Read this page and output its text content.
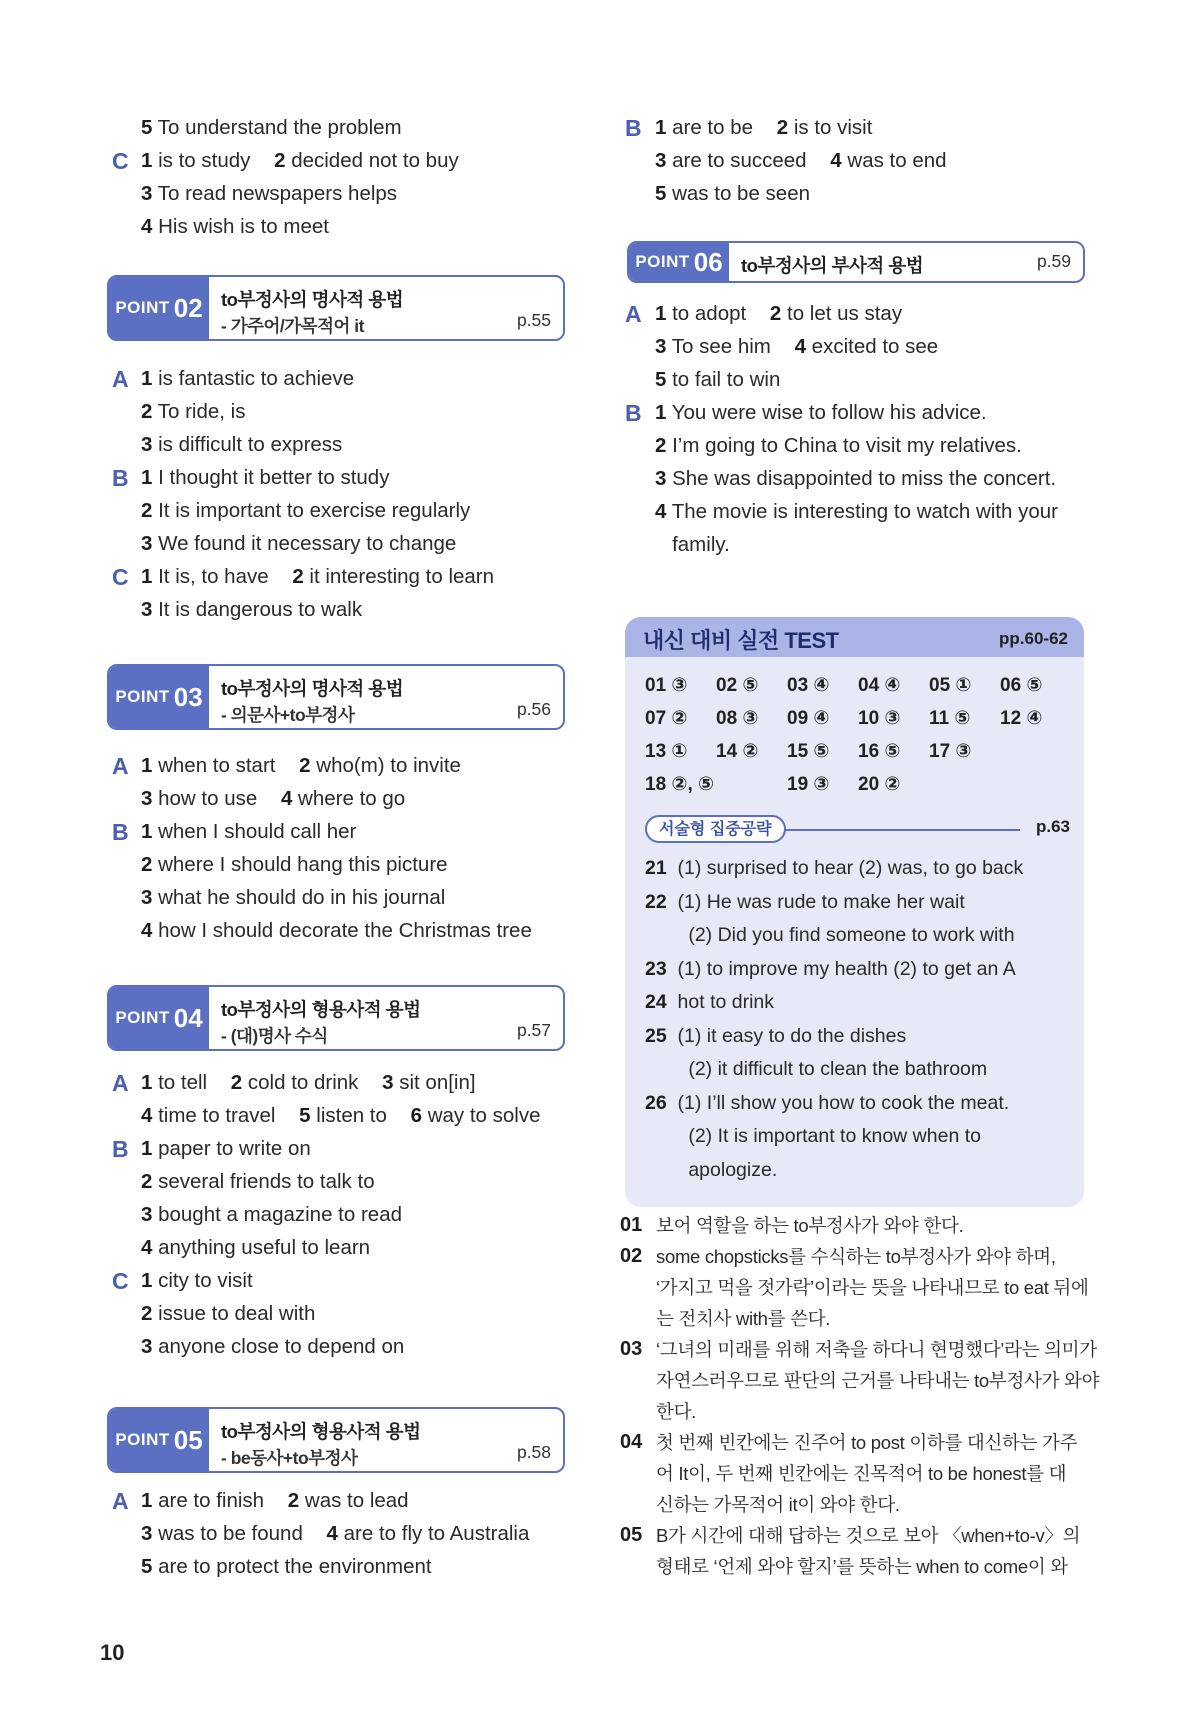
5 To understand the problem
C 1 is to study 2 decided not to buy
3 To read newspapers helps
4 His wish is to meet
POINT 02 to부정사의 명사적 용법
- 가주어/가목적어 it	p.55
A 1 is fantastic to achieve
2 To ride, is
3 is difficult to express
B 1 I thought it better to study
2 It is important to exercise regularly
3 We found it necessary to change
C 1 It is, to have 2 it interesting to learn
3 It is dangerous to walk
POINT 03 to부정사의 명사적 용법
- 의문사+to부정사	p.56
A 1 when to start 2 who(m) to invite
3 how to use 4 where to go
B 1 when I should call her
2 where I should hang this picture
3 what he should do in his journal
4 how I should decorate the Christmas tree
POINT 04 to부정사의 형용사적 용법
- (대)명사 수식	p.57
A 1 to tell 2 cold to drink 3 sit on[in]
4 time to travel 5 listen to 6 way to solve
B 1 paper to write on
2 several friends to talk to
3 bought a magazine to read
4 anything useful to learn
C 1 city to visit
2 issue to deal with
3 anyone close to depend on
POINT 05 to부정사의 형용사적 용법
- be동사+to부정사	p.58
A 1 are to finish 2 was to lead
3 was to be found 4 are to fly to Australia
5 are to protect the environment
B 1 are to be 2 is to visit
3 are to succeed 4 was to end
5 was to be seen
POINT 06 to부정사의 부사적 용법	p.59
A 1 to adopt 2 to let us stay
3 To see him 4 excited to see
5 to fail to win
B 1 You were wise to follow his advice.
2 I’m going to China to visit my relatives.
3 She was disappointed to miss the concert.
4 The movie is interesting to watch with your
family.
내신 대비 실전 TEST	pp.60-62
01 ③ 02 ⑤ 03 ④ 04 ④ 05 ① 06 ⑤
07 ② 08 ③ 09 ④ 10 ③ 11 ⑤ 12 ④
13 ① 14 ② 15 ⑤ 16 ⑤ 17 ③
18 ②, ⑤	19 ③ 20 ②
서술형 집중공략	p.63
21  (1) surprised to hear (2) was, to go back
22  (1) He was rude to make her wait
(2) Did you find someone to work with
23  (1) to improve my health (2) to get an A
24  hot to drink
25  (1) it easy to do the dishes
(2) it difficult to clean the bathroom
26  (1) I’ll show you how to cook the meat.
(2) It is important to know when to
apologize.
01 보어 역할을 하는 to부정사가 와야 한다.
02 some chopsticks를 수식하는 to부정사가 와야 하며,
‘가지고 먹을 젓가락’이라는 뜻을 나타내므로 to eat 뒤에
는 전치사 with를 쓴다.
03 ‘그녀의 미래를 위해 저축을 하다니 현명했다’라는 의미가
자연스러우므로 판단의 근거를 나타내는 to부정사가 와야
한다.
04 첫 번째 빈칸에는 진주어 to post 이하를 대신하는 가주
어 It이, 두 번째 빈칸에는 진목적어 to be honest를 대
신하는 가목적어 it이 와야 한다.
05 B가 시간에 대해 답하는 것으로 보아 〈when+to-v〉의
형태로 ‘언제 와야 할지’를 뜻하는 when to come이 와
10
